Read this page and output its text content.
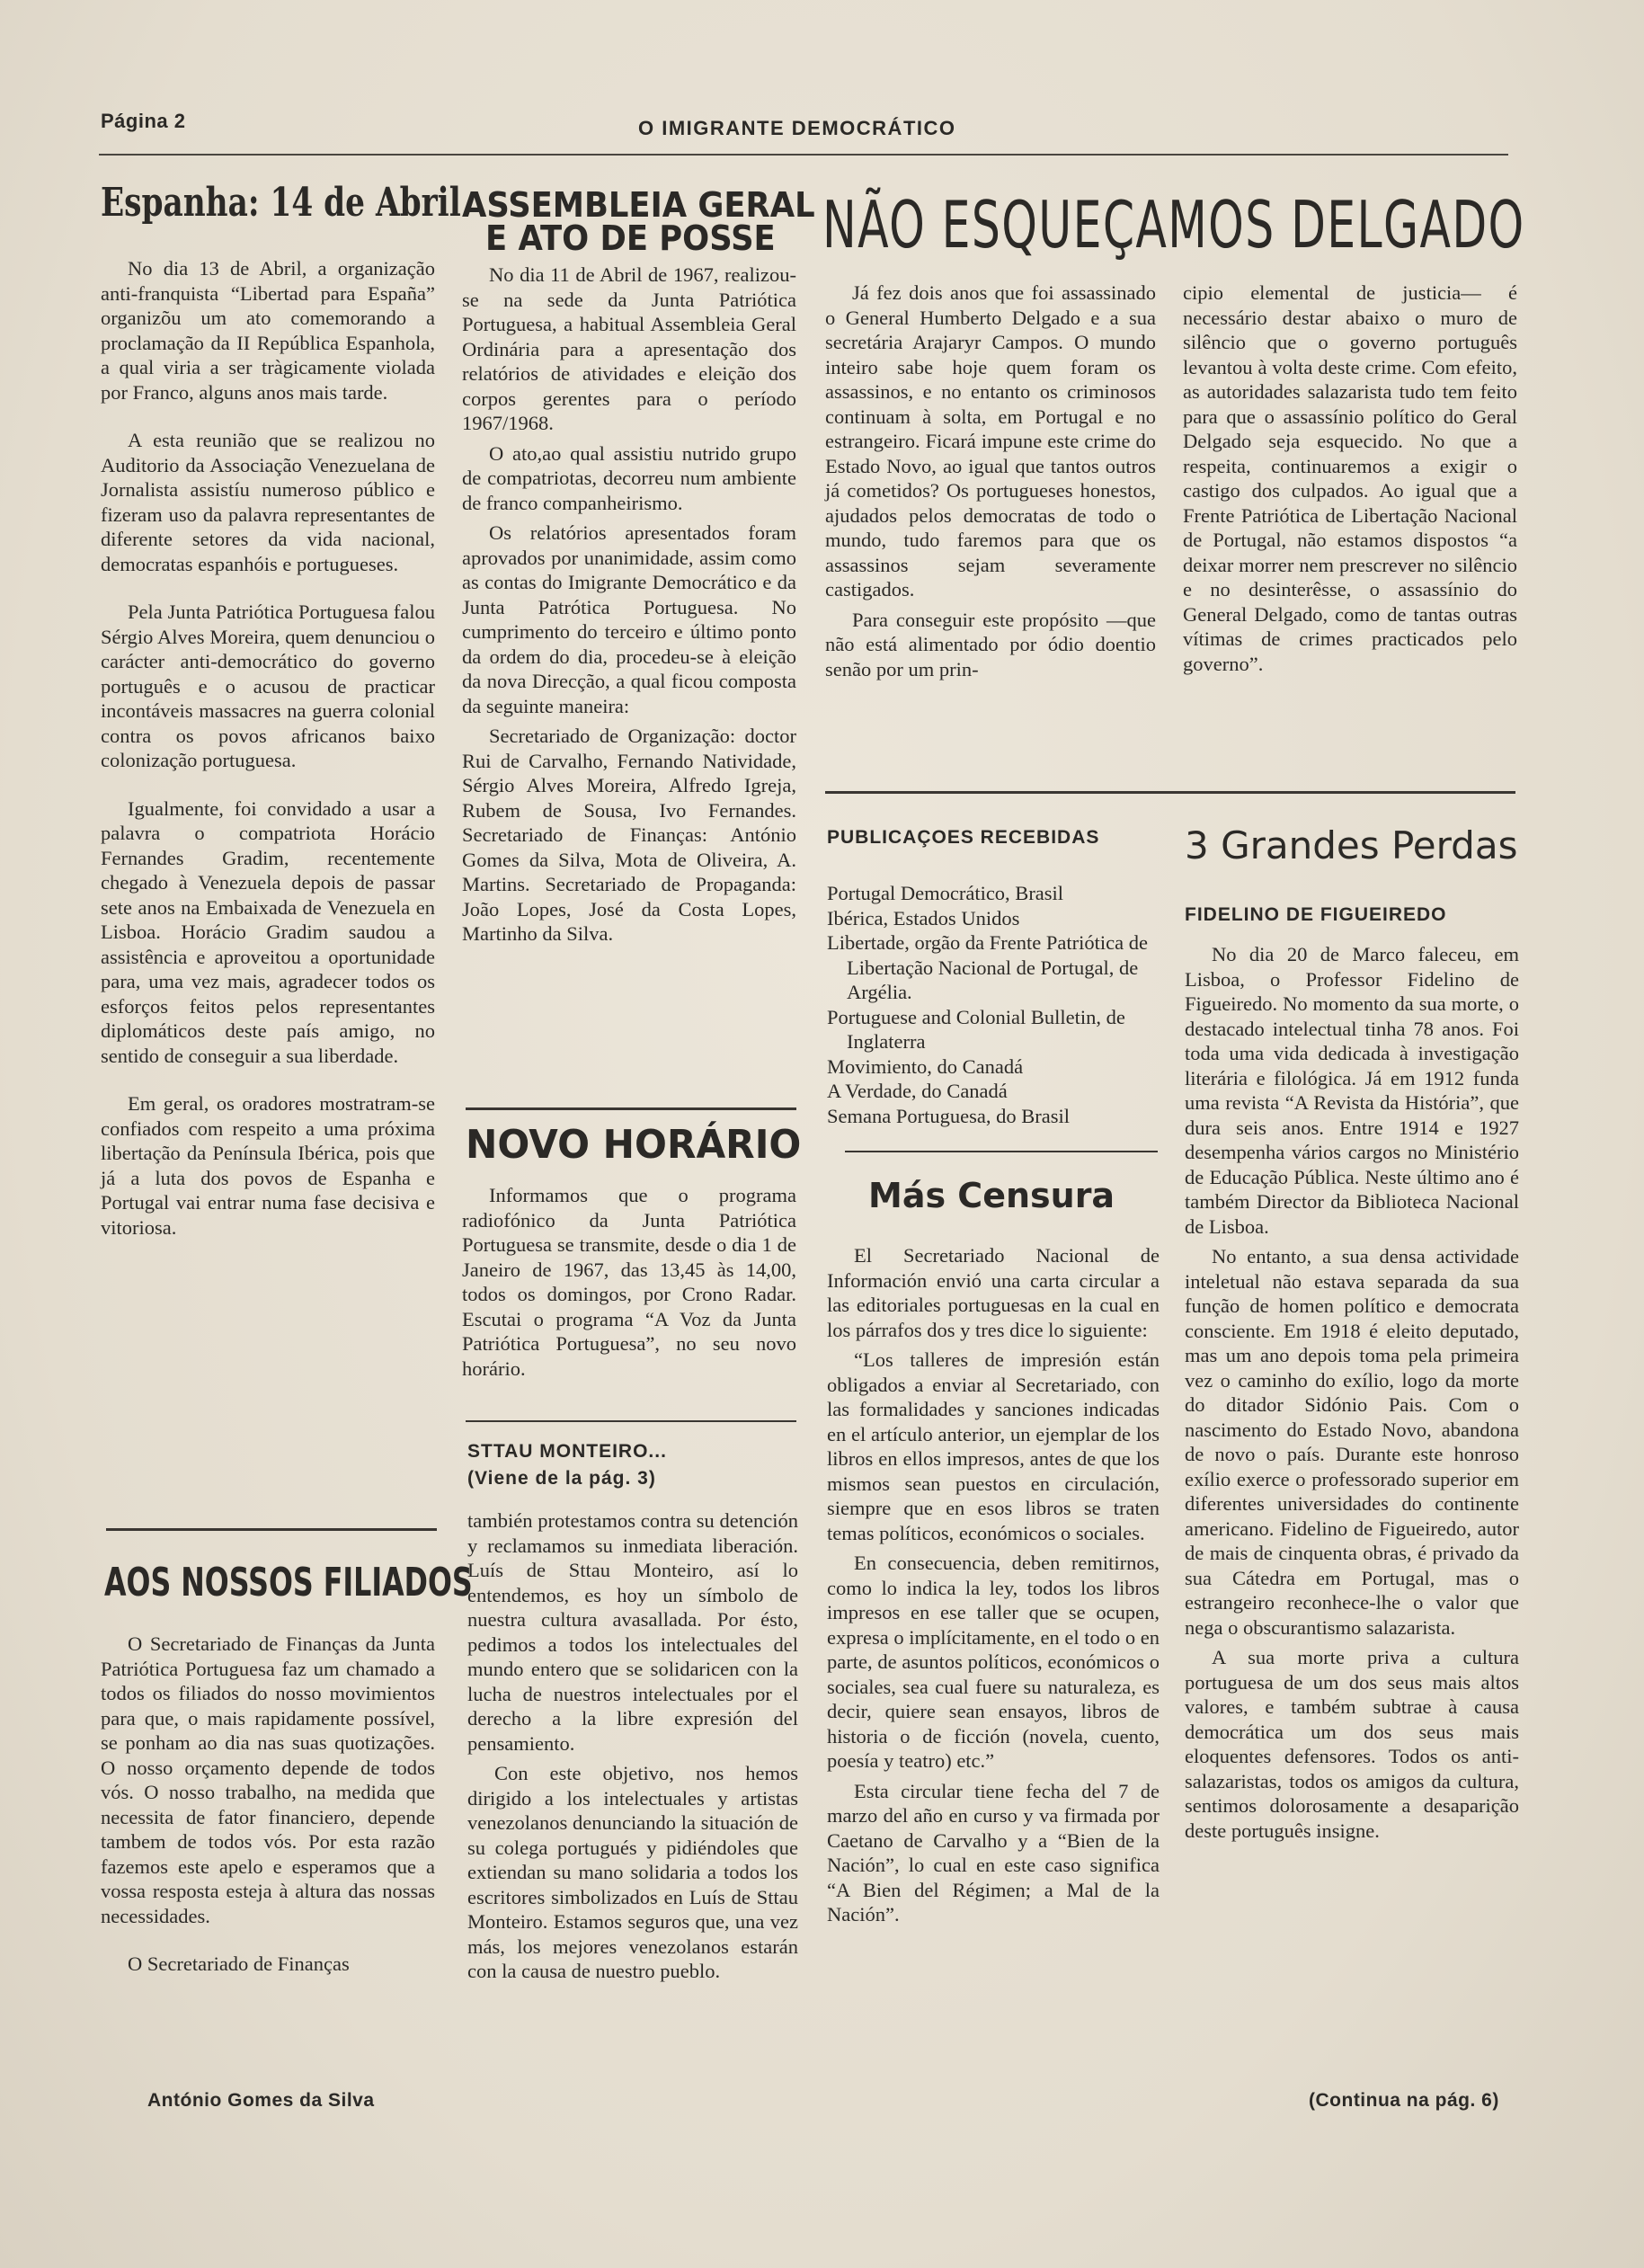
Página 2	O IMIGRANTE DEMOCRÁTICO
Espanha: 14 de Abril

No dia 13 de Abril, a organização anti-franquista “Libertad para España” organizõu um ato comemorando a proclamação da II República Espanhola, a qual viria a ser tràgicamente violada por Franco, alguns anos mais tarde.

A esta reunião que se realizou no Auditorio da Associação Venezuelana de Jornalista assistíu numeroso público e fizeram uso da palavra representantes de diferente setores da vida nacional, democratas espanhóis e portugueses.

Pela Junta Patriótica Portuguesa falou Sérgio Alves Moreira, quem denunciou o carácter anti-democrático do governo português e o acusou de practicar incontáveis massacres na guerra colonial contra os povos africanos baixo colonização portuguesa.

Igualmente, foi convidado a usar a palavra o compatriota Horácio Fernandes Gradim, recentemente chegado à Venezuela depois de passar sete anos na Embaixada de Venezuela en Lisboa. Horácio Gradim saudou a assistência e aproveitou a oportunidade para, uma vez mais, agradecer todos os esforços feitos pelos representantes diplomáticos deste país amigo, no sentido de conseguir a sua liberdade.

Em geral, os oradores mostratram-se confiados com respeito a uma próxima libertação da Península Ibérica, pois que já a luta dos povos de Espanha e Portugal vai entrar numa fase decisiva e vitoriosa.

AOS NOSSOS FILIADOS

O Secretariado de Finanças da Junta Patriótica Portuguesa faz um chamado a todos os filiados do nosso movimientos para que, o mais rapidamente possível, se ponham ao dia nas suas quotizações. O nosso orçamento depende de todos vós. O nosso trabalho, na medida que necessita de fator financiero, depende tambem de todos vós. Por esta razão fazemos este apelo e esperamos que a vossa resposta esteja à altura das nossas necessidades.

O Secretariado de Finanças

António Gomes da Silva
ASSEMBLEIA GERAL
E ATO DE POSSE

No dia 11 de Abril de 1967, realizou-se na sede da Junta Patriótica Portuguesa, a habitual Assembleia Geral Ordinária para a apresentação dos relatórios de atividades e eleição dos corpos gerentes para o período 1967/1968.

O ato,ao qual assistiu nutrido grupo de compatriotas, decorreu num ambiente de franco companheirismo.

Os relatórios apresentados foram aprovados por unanimidade, assim como as contas do Imigrante Democrático e da Junta Patrótica Portuguesa. No cumprimento do terceiro e último ponto da ordem do dia, procedeu-se à eleição da nova Direcção, a qual ficou composta da seguinte maneira:

Secretariado de Organização: doctor Rui de Carvalho, Fernando Natividade, Sérgio Alves Moreira, Alfredo Igreja, Rubem de Sousa, Ivo Fernandes. Secretariado de Finanças: António Gomes da Silva, Mota de Oliveira, A. Martins. Secretariado de Propaganda: João Lopes, José da Costa Lopes, Martinho da Silva.

NOVO HORÁRIO

Informamos que o programa radiofónico da Junta Patriótica Portuguesa se transmite, desde o dia 1 de Janeiro de 1967, das 13,45 às 14,00, todos os domingos, por Crono Radar. Escutai o programa “A Voz da Junta Patriótica Portuguesa”, no seu novo horário.

STTAU MONTEIRO...
(Viene de la pág. 3)

también protestamos contra su detención y reclamamos su inmediata liberación. Luís de Sttau Monteiro, así lo entendemos, es hoy un símbolo de nuestra cultura avasallada. Por ésto, pedimos a todos los intelectuales del mundo entero que se solidaricen con la lucha de nuestros intelectuales por el derecho a la libre expresión del pensamiento.

Con este objetivo, nos hemos dirigido a los intelectuales y artistas venezolanos denunciando la situación de su colega portugués y pidiéndoles que extiendan su mano solidaria a todos los escritores simbolizados en Luís de Sttau Monteiro. Estamos seguros que, una vez más, los mejores venezolanos estarán con la causa de nuestro pueblo.

NÃO ESQUEÇAMOS DELGADO

Já fez dois anos que foi assassinado o General Humberto Delgado e a sua secretária Arajaryr Campos. O mundo inteiro sabe hoje quem foram os assassinos, e no entanto os criminosos continuam à solta, em Portugal e no estrangeiro. Ficará impune este crime do Estado Novo, ao igual que tantos outros já cometidos? Os portugueses honestos, ajudados pelos democratas de todo o mundo, tudo faremos para que os assassinos sejam severamente castigados.

Para conseguir este propósito —que não está alimentado por ódio doentio senão por um prin-

cipio elemental de justicia— é necessário destar abaixo o muro de silêncio que o governo português levantou à volta deste crime. Com efeito, as autoridades salazarista tudo tem feito para que o assassínio político do Geral Delgado seja esquecido. No que a respeita, continuaremos a exigir o castigo dos culpados. Ao igual que a Frente Patriótica de Libertação Nacional de Portugal, não estamos dispostos “a deixar morrer nem prescrever no silêncio e no desinterêsse, o assassínio do General Delgado, como de tantas outras vítimas de crimes practicados pelo governo”.

PUBLICAÇOES RECEBIDAS
Portugal Democrático, Brasil
Ibérica, Estados Unidos
Libertade, orgão da Frente Patriótica de Libertação Nacional de Portugal, de Argélia.
Portuguese and Colonial Bulletin, de Inglaterra
Movimiento, do Canadá
A Verdade, do Canadá
Semana Portuguesa, do Brasil
Más Censura

El Secretariado Nacional de Información envió una carta circular a las editoriales portuguesas en la cual en los párrafos dos y tres dice lo siguiente:

“Los talleres de impresión están obligados a enviar al Secretariado, con las formalidades y sanciones indicadas en el artículo anterior, un ejemplar de los libros en ellos impresos, antes de que los mismos sean puestos en circulación, siempre que en esos libros se traten temas políticos, económicos o sociales.

En consecuencia, deben remitirnos, como lo indica la ley, todos los libros impresos en ese taller que se ocupen, expresa o implícitamente, en el todo o en parte, de asuntos políticos, económicos o sociales, sea cual fuere su naturaleza, es decir, quiere sean ensayos, libros de historia o de ficción (novela, cuento, poesía y teatro) etc.”

Esta circular tiene fecha del 7 de marzo del año en curso y va firmada por Caetano de Carvalho y a “Bien de la Nación”, lo cual en este caso significa “A Bien del Régimen; a Mal de la Nación”.

3 Grandes Perdas
FIDELINO DE FIGUEIREDO

No dia 20 de Marco faleceu, em Lisboa, o Professor Fidelino de Figueiredo. No momento da sua morte, o destacado intelectual tinha 78 anos. Foi toda uma vida dedicada à investigação literária e filológica. Já em 1912 funda uma revista “A Revista da História”, que dura seis anos. Entre 1914 e 1927 desempenha vários cargos no Ministério de Educação Pública. Neste último ano é também Director da Biblioteca Nacional de Lisboa.

No entanto, a sua densa actividade inteletual não estava separada da sua função de homen político e democrata consciente. Em 1918 é eleito deputado, mas um ano depois toma pela primeira vez o caminho do exílio, logo da morte do ditador Sidónio Pais. Com o nascimento do Estado Novo, abandona de novo o país. Durante este honroso exílio exerce o professorado superior em diferentes universidades do continente americano. Fidelino de Figueiredo, autor de mais de cinquenta obras, é privado da sua Cátedra em Portugal, mas o estrangeiro reconhece-lhe o valor que nega o obscurantismo salazarista.

A sua morte priva a cultura portuguesa de um dos seus mais altos valores, e também subtrae à causa democrática um dos seus mais eloquentes defensores. Todos os anti-salazaristas, todos os amigos da cultura, sentimos dolorosamente a desaparição deste português insigne.

(Continua na pág. 6)
